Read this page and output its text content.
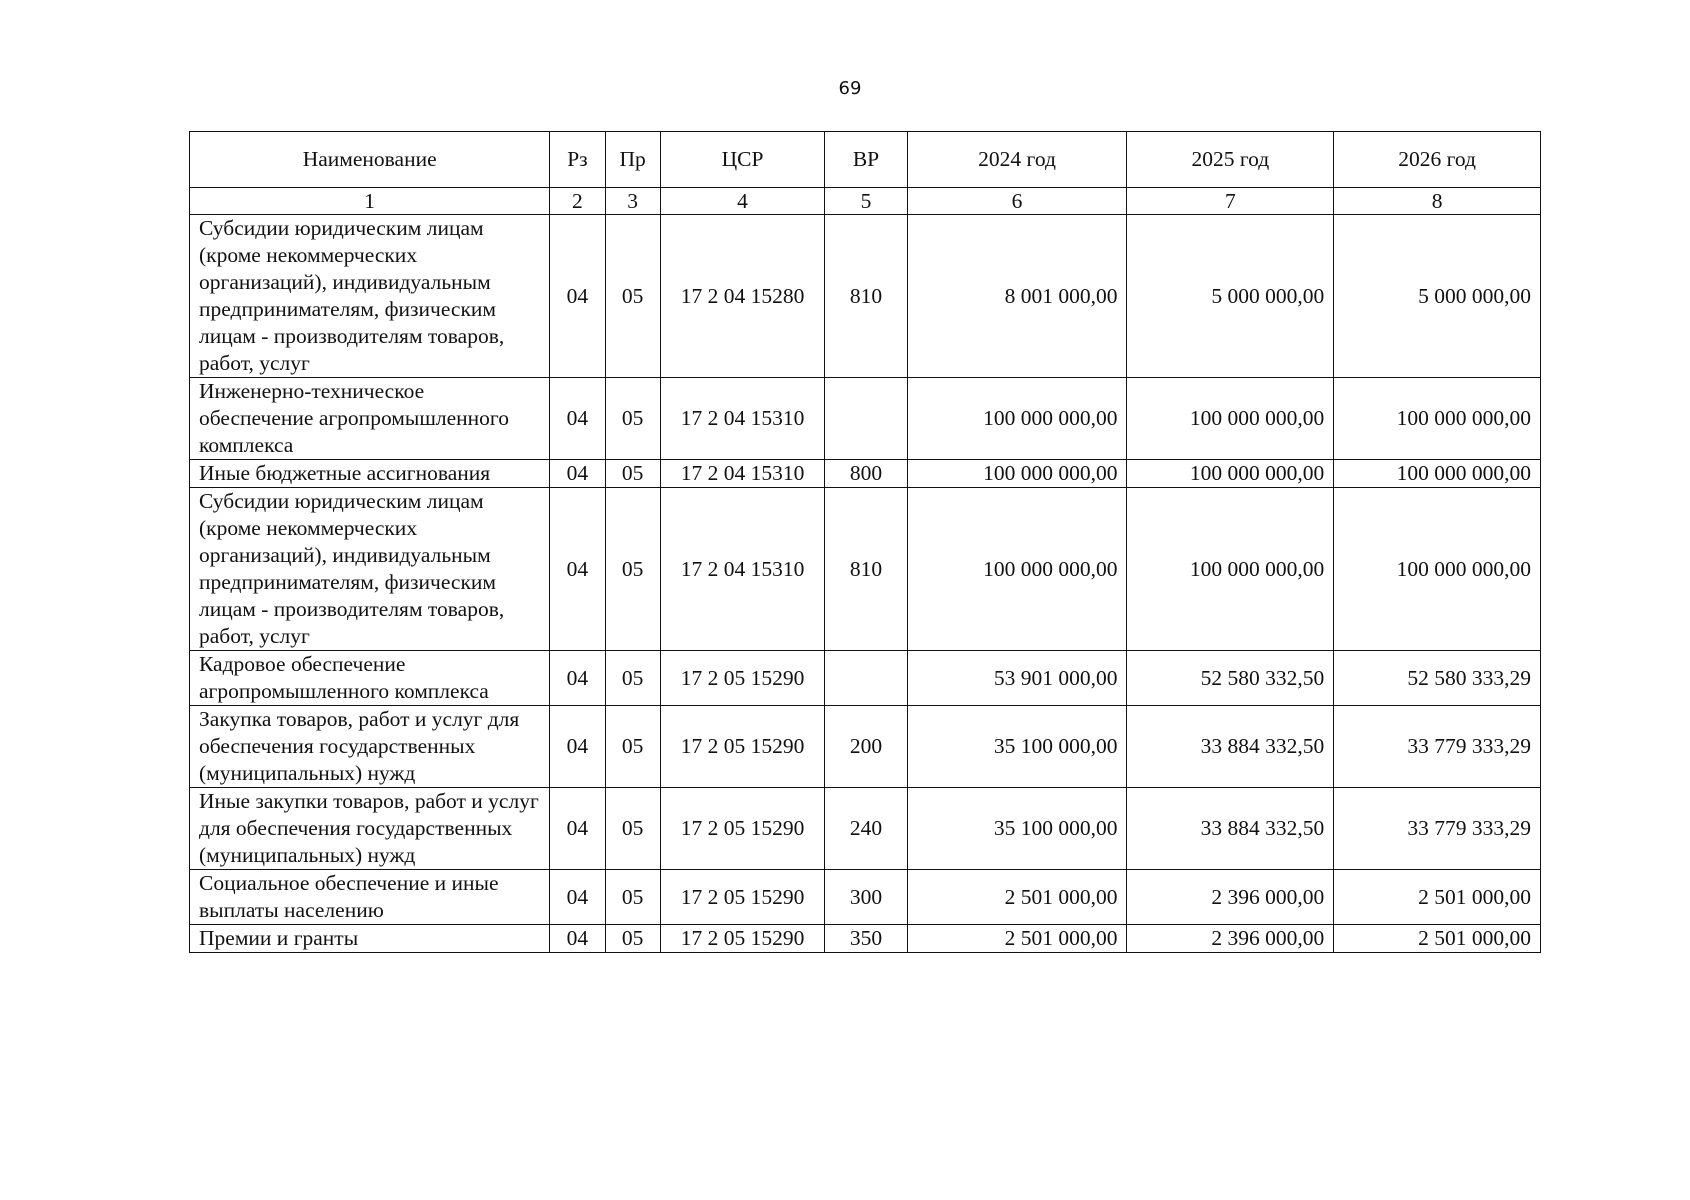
69
Наименование	Рз	Пр	ЦСР	ВР	2024 год	2025 год	2026 год
1	2	3	4	5	6	7	8
Субсидии юридическим лицам (кроме некоммерческих организаций), индивидуальным предпринимателям, физическим лицам - производителям товаров, работ, услуг	04	05	17 2 04 15280	810	8 001 000,00	5 000 000,00	5 000 000,00
Инженерно-техническое обеспечение агропромышленного комплекса	04	05	17 2 04 15310		100 000 000,00	100 000 000,00	100 000 000,00
Иные бюджетные ассигнования	04	05	17 2 04 15310	800	100 000 000,00	100 000 000,00	100 000 000,00
Субсидии юридическим лицам (кроме некоммерческих организаций), индивидуальным предпринимателям, физическим лицам - производителям товаров, работ, услуг	04	05	17 2 04 15310	810	100 000 000,00	100 000 000,00	100 000 000,00
Кадровое обеспечение агропромышленного комплекса	04	05	17 2 05 15290		53 901 000,00	52 580 332,50	52 580 333,29
Закупка товаров, работ и услуг для обеспечения государственных (муниципальных) нужд	04	05	17 2 05 15290	200	35 100 000,00	33 884 332,50	33 779 333,29
Иные закупки товаров, работ и услуг для обеспечения государственных (муниципальных) нужд	04	05	17 2 05 15290	240	35 100 000,00	33 884 332,50	33 779 333,29
Социальное обеспечение и иные выплаты населению	04	05	17 2 05 15290	300	2 501 000,00	2 396 000,00	2 501 000,00
Премии и гранты	04	05	17 2 05 15290	350	2 501 000,00	2 396 000,00	2 501 000,00
